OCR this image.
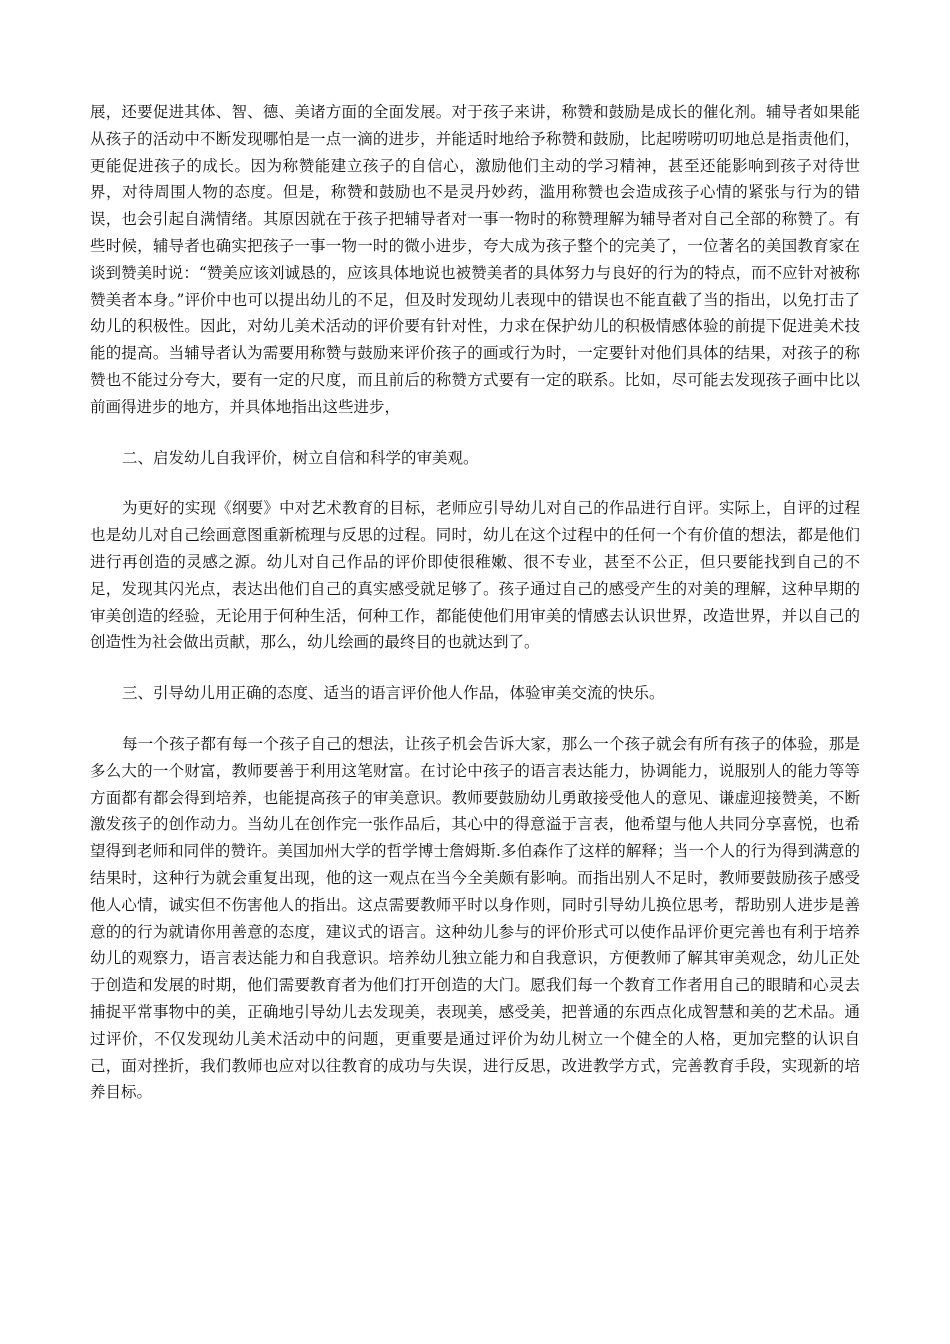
展，还要促进其体、智、德、美诸方面的全面发展。对于孩子来讲，称赞和鼓励是成长的催化剂。辅导者如果能从孩子的活动中不断发现哪怕是一点一滴的进步，并能适时地给予称赞和鼓励，比起唠唠叨叨地总是指责他们，更能促进孩子的成长。因为称赞能建立孩子的自信心，激励他们主动的学习精神，甚至还能影响到孩子对待世界，对待周围人物的态度。但是，称赞和鼓励也不是灵丹妙药，滥用称赞也会造成孩子心情的紧张与行为的错误，也会引起自满情绪。其原因就在于孩子把辅导者对一事一物时的称赞理解为辅导者对自己全部的称赞了。有些时候，辅导者也确实把孩子一事一物一时的微小进步，夸大成为孩子整个的完美了，一位著名的美国教育家在谈到赞美时说：“赞美应该刘诚恳的，应该具体地说也被赞美者的具体努力与良好的行为的特点，而不应针对被称赞美者本身。”评价中也可以提出幼儿的不足，但及时发现幼儿表现中的错误也不能直截了当的指出，以免打击了幼儿的积极性。因此，对幼儿美术活动的评价要有针对性，力求在保护幼儿的积极情感体验的前提下促进美术技能的提高。当辅导者认为需要用称赞与鼓励来评价孩子的画或行为时，一定要针对他们具体的结果，对孩子的称赞也不能过分夸大，要有一定的尺度，而且前后的称赞方式要有一定的联系。比如，尽可能去发现孩子画中比以前画得进步的地方，并具体地指出这些进步，

二、启发幼儿自我评价，树立自信和科学的审美观。

为更好的实现《纲要》中对艺术教育的目标，老师应引导幼儿对自己的作品进行自评。实际上，自评的过程也是幼儿对自己绘画意图重新梳理与反思的过程。同时，幼儿在这个过程中的任何一个有价值的想法，都是他们进行再创造的灵感之源。幼儿对自己作品的评价即使很稚嫩、很不专业，甚至不公正，但只要能找到自己的不足，发现其闪光点，表达出他们自己的真实感受就足够了。孩子通过自己的感受产生的对美的理解，这种早期的审美创造的经验，无论用于何种生活，何种工作，都能使他们用审美的情感去认识世界，改造世界，并以自己的创造性为社会做出贡献，那么，幼儿绘画的最终目的也就达到了。

三、引导幼儿用正确的态度、适当的语言评价他人作品，体验审美交流的快乐。

每一个孩子都有每一个孩子自己的想法，让孩子机会告诉大家，那么一个孩子就会有所有孩子的体验，那是多么大的一个财富，教师要善于利用这笔财富。在讨论中孩子的语言表达能力，协调能力，说服别人的能力等等方面都有都会得到培养，也能提高孩子的审美意识。教师要鼓励幼儿勇敢接受他人的意见、谦虚迎接赞美，不断激发孩子的创作动力。当幼儿在创作完一张作品后，其心中的得意溢于言表，他希望与他人共同分享喜悦，也希望得到老师和同伴的赞许。美国加州大学的哲学博士詹姆斯.多伯森作了这样的解释；当一个人的行为得到满意的结果时，这种行为就会重复出现，他的这一观点在当今全美颇有影响。而指出别人不足时，教师要鼓励孩子感受他人心情，诚实但不伤害他人的指出。这点需要教师平时以身作则，同时引导幼儿换位思考，帮助别人进步是善意的的行为就请你用善意的态度，建议式的语言。这种幼儿参与的评价形式可以使作品评价更完善也有利于培养幼儿的观察力，语言表达能力和自我意识。培养幼儿独立能力和自我意识，方便教师了解其审美观念，幼儿正处于创造和发展的时期，他们需要教育者为他们打开创造的大门。愿我们每一个教育工作者用自己的眼睛和心灵去捕捉平常事物中的美，正确地引导幼儿去发现美，表现美，感受美，把普通的东西点化成智慧和美的艺术品。通过评价，不仅发现幼儿美术活动中的问题，更重要是通过评价为幼儿树立一个健全的人格，更加完整的认识自己，面对挫折，我们教师也应对以往教育的成功与失误，进行反思，改进教学方式，完善教育手段，实现新的培养目标。
